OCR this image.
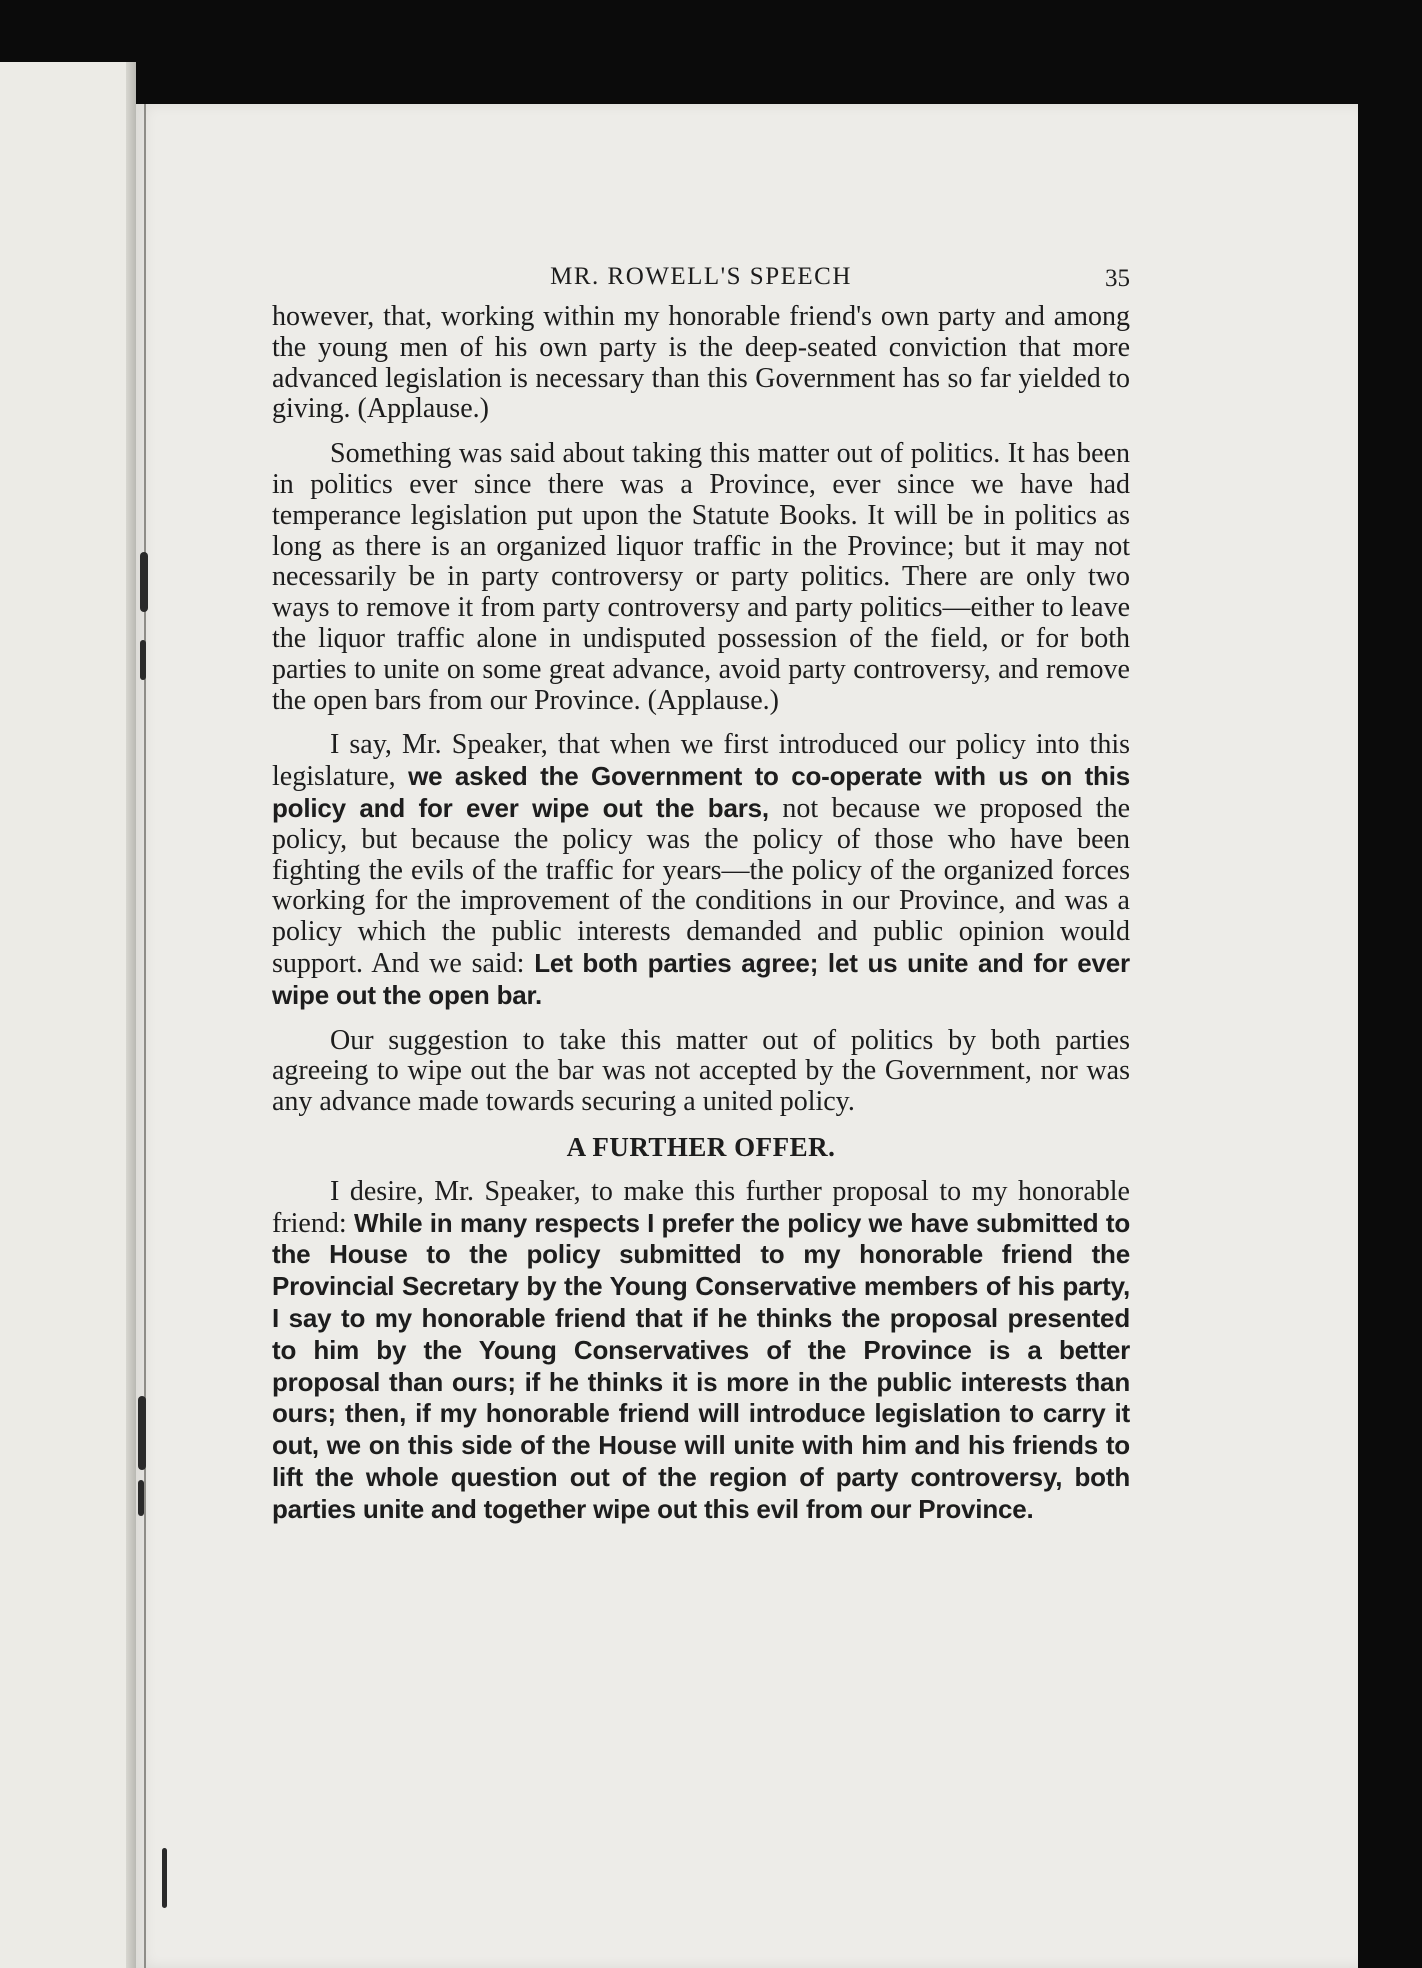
MR. ROWELL'S SPEECH	35

however, that, working within my honorable friend's own party and among the young men of his own party is the deep-seated conviction that more advanced legislation is necessary than this Government has so far yielded to giving. (Applause.)

Something was said about taking this matter out of politics. It has been in politics ever since there was a Province, ever since we have had temperance legislation put upon the Statute Books. It will be in politics as long as there is an organized liquor traffic in the Province; but it may not necessarily be in party controversy or party politics. There are only two ways to remove it from party controversy and party politics—either to leave the liquor traffic alone in undisputed possession of the field, or for both parties to unite on some great advance, avoid party controversy, and remove the open bars from our Province. (Applause.)

I say, Mr. Speaker, that when we first introduced our policy into this legislature, we asked the Government to co-operate with us on this policy and for ever wipe out the bars, not because we proposed the policy, but because the policy was the policy of those who have been fighting the evils of the traffic for years—the policy of the organized forces working for the improvement of the conditions in our Province, and was a policy which the public interests demanded and public opinion would support. And we said: Let both parties agree; let us unite and for ever wipe out the open bar.

Our suggestion to take this matter out of politics by both parties agreeing to wipe out the bar was not accepted by the Government, nor was any advance made towards securing a united policy.

A FURTHER OFFER.

I desire, Mr. Speaker, to make this further proposal to my honorable friend: While in many respects I prefer the policy we have submitted to the House to the policy submitted to my honorable friend the Provincial Secretary by the Young Conservative members of his party, I say to my honorable friend that if he thinks the proposal presented to him by the Young Conservatives of the Province is a better proposal than ours; if he thinks it is more in the public interests than ours; then, if my honorable friend will introduce legislation to carry it out, we on this side of the House will unite with him and his friends to lift the whole question out of the region of party controversy, both parties unite and together wipe out this evil from our Province.
